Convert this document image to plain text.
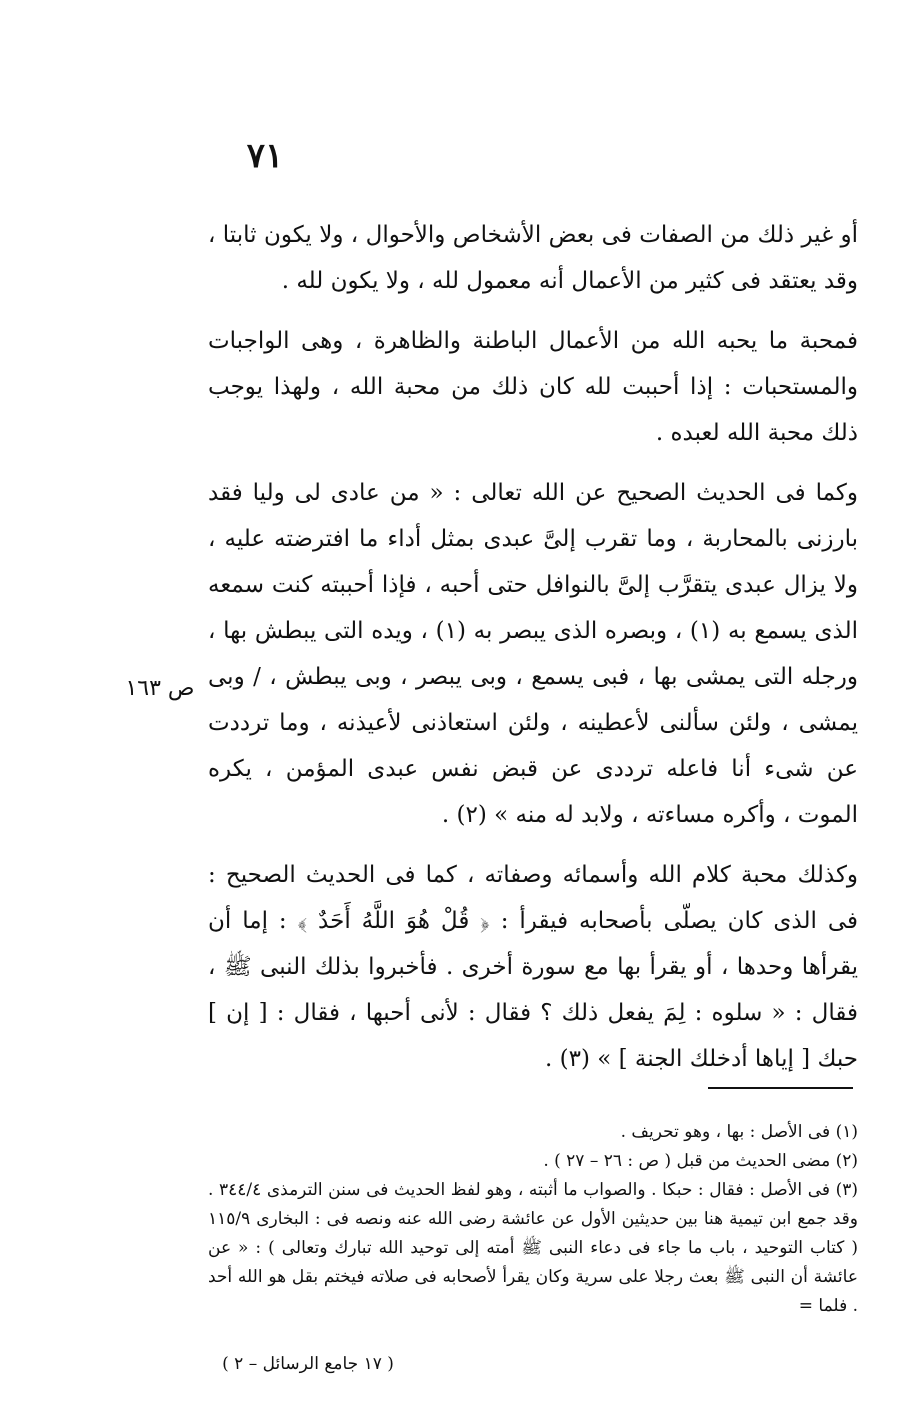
٧١

أو غير ذلك من الصفات فى بعض الأشخاص والأحوال ، ولا يكون ثابتا ، وقد يعتقد فى كثير من الأعمال أنه معمول لله ، ولا يكون لله .

فمحبة ما يحبه الله من الأعمال الباطنة والظاهرة ، وهى الواجبات والمستحبات : إذا أحببت لله كان ذلك من محبة الله ، ولهذا يوجب ذلك محبة الله لعبده .

وكما فى الحديث الصحيح عن الله تعالى : « من عادى لى وليا فقد بارزنى بالمحاربة ، وما تقرب إلىَّ عبدى بمثل أداء ما افترضته عليه ، ولا يزال عبدى يتقرَّب إلىَّ بالنوافل حتى أحبه ، فإذا أحببته كنت سمعه الذى يسمع به (١) ، وبصره الذى يبصر به (١) ، ويده التى يبطش بها ، ورجله التى يمشى بها ، فبى يسمع ، وبى يبصر ، وبى يبطش ، / وبى يمشى ، ولئن سألنى لأعطينه ، ولئن استعاذنى لأعيذنه ، وما ترددت عن شىء أنا فاعله ترددى عن قبض نفس عبدى المؤمن ، يكره الموت ، وأكره مساءته ، ولابد له منه » (٢) .

وكذلك محبة كلام الله وأسمائه وصفاته ، كما فى الحديث الصحيح : فى الذى كان يصلّى بأصحابه فيقرأ : ﴿ قُلْ هُوَ اللَّهُ أَحَدٌ ﴾ : إما أن يقرأها وحدها ، أو يقرأ بها مع سورة أخرى . فأخبروا بذلك النبى ﷺ ، فقال : « سلوه : لِمَ يفعل ذلك ؟ فقال : لأنى أحبها ، فقال : [ إن ] حبك [ إياها أدخلك الجنة ] » (٣) .

ص ١٦٣

(١) فى الأصل : بها ، وهو تحريف .

(٢) مضى الحديث من قبل ( ص : ٢٦ – ٢٧ ) .

(٣) فى الأصل : فقال : حبكا . والصواب ما أثبته ، وهو لفظ الحديث فى سنن الترمذى ٣٤٤/٤ . وقد جمع ابن تيمية هنا بين حديثين الأول عن عائشة رضى الله عنه ونصه فى : البخارى ١١٥/٩ ( كتاب التوحيد ، باب ما جاء فى دعاء النبى ﷺ أمته إلى توحيد الله تبارك وتعالى ) : « عن عائشة أن النبى ﷺ بعث رجلا على سرية وكان يقرأ لأصحابه فى صلاته فيختم بقل هو الله أحد . فلما =

( ١٧ جامع الرسائل – ٢ )
